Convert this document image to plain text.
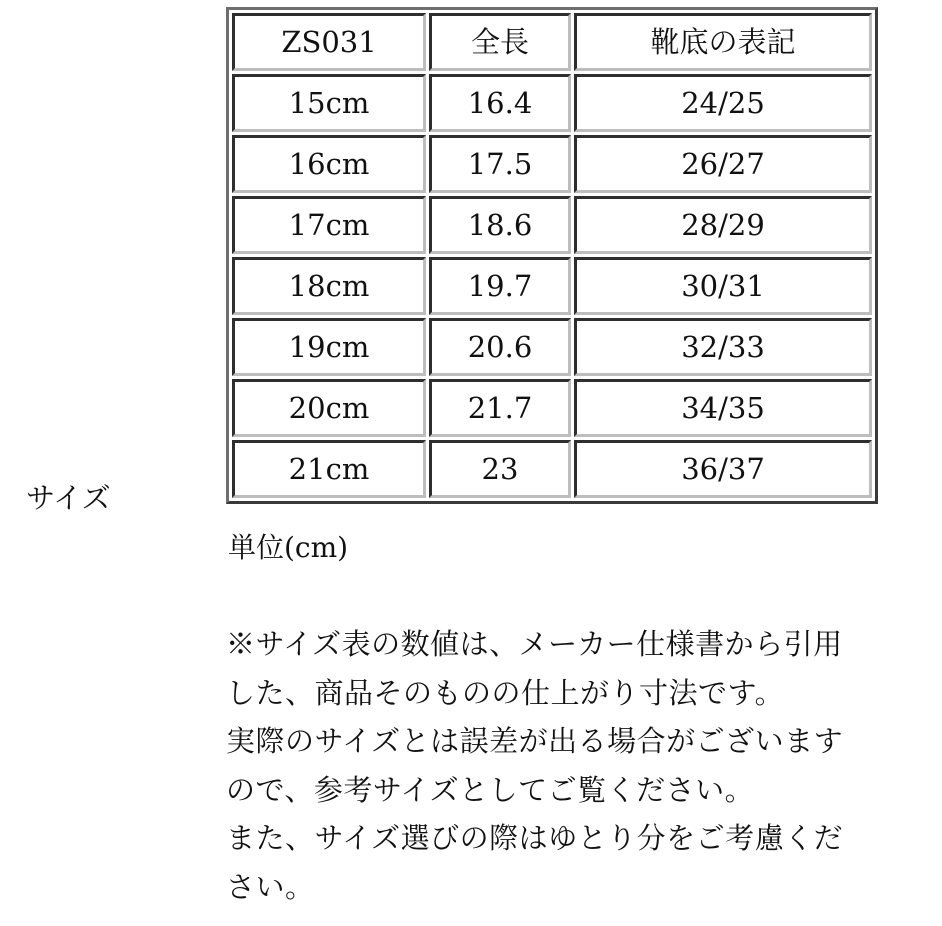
サイズ
ZS031	全長	靴底の表記
15cm	16.4	24/25
16cm	17.5	26/27
17cm	18.6	28/29
18cm	19.7	30/31
19cm	20.6	32/33
20cm	21.7	34/35
21cm	23	36/37
単位(cm)

※サイズ表の数値は、メーカー仕様書から引用

した、商品そのものの仕上がり寸法です。

実際のサイズとは誤差が出る場合がございます

ので、参考サイズとしてご覧ください。

また、サイズ選びの際はゆとり分をご考慮くだ

さい。
